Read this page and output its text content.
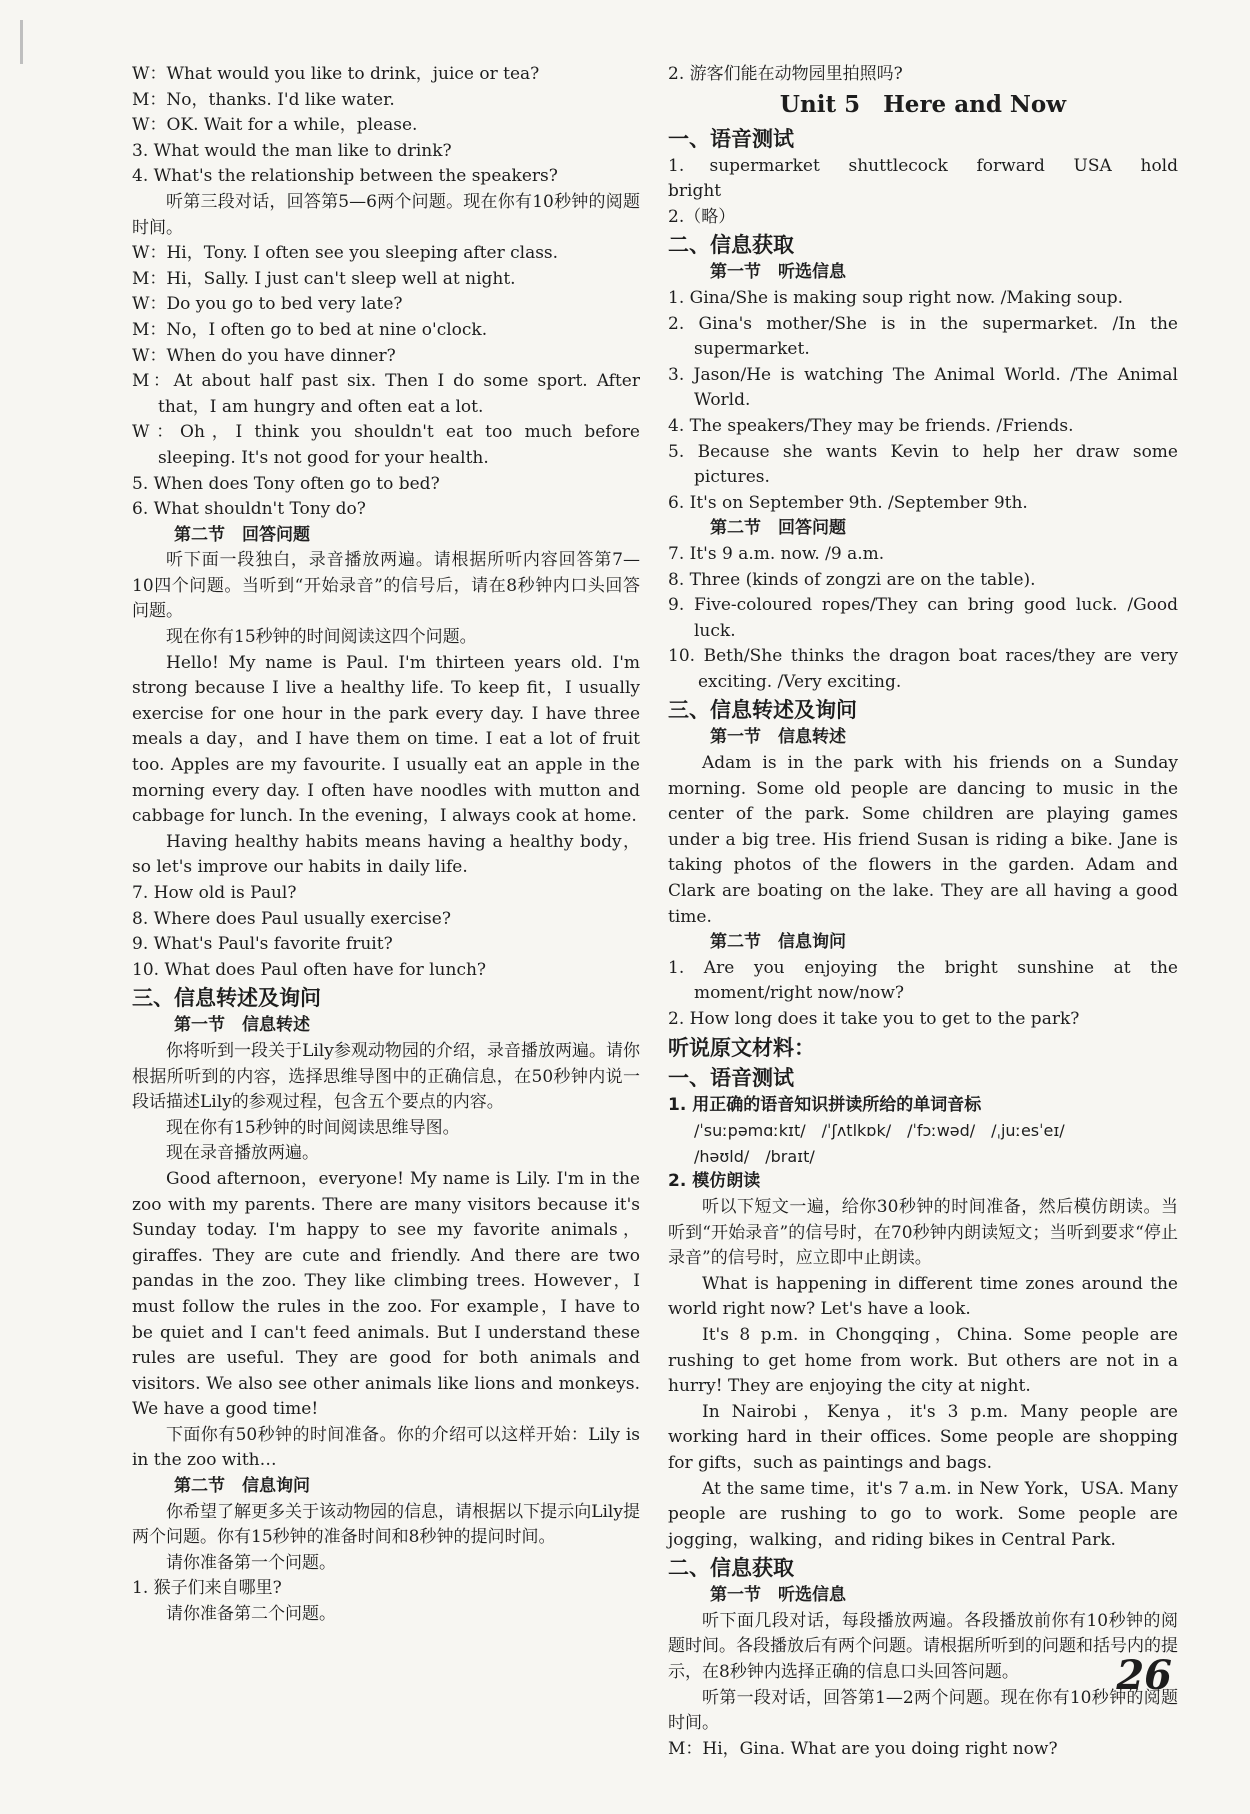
W：What would you like to drink，juice or tea?

M：No，thanks. I'd like water.

W：OK. Wait for a while，please.

3. What would the man like to drink?

4. What's the relationship between the speakers?

听第三段对话，回答第5—6两个问题。现在你有10秒钟的阅题时间。

W：Hi，Tony. I often see you sleeping after class.

M：Hi，Sally. I just can't sleep well at night.

W：Do you go to bed very late?

M：No，I often go to bed at nine o'clock.

W：When do you have dinner?

M：At about half past six. Then I do some sport. After that，I am hungry and often eat a lot.

W：Oh，I think you shouldn't eat too much before sleeping. It's not good for your health.

5. When does Tony often go to bed?

6. What shouldn't Tony do?

第二节　回答问题

听下面一段独白，录音播放两遍。请根据所听内容回答第7—10四个问题。当听到“开始录音”的信号后，请在8秒钟内口头回答问题。

现在你有15秒钟的时间阅读这四个问题。

Hello! My name is Paul. I'm thirteen years old. I'm strong because I live a healthy life. To keep fit，I usually exercise for one hour in the park every day. I have three meals a day，and I have them on time. I eat a lot of fruit too. Apples are my favourite. I usually eat an apple in the morning every day. I often have noodles with mutton and cabbage for lunch. In the evening，I always cook at home.

Having healthy habits means having a healthy body，so let's improve our habits in daily life.

7. How old is Paul?

8. Where does Paul usually exercise?

9. What's Paul's favorite fruit?

10. What does Paul often have for lunch?

三、信息转述及询问

第一节　信息转述

你将听到一段关于Lily参观动物园的介绍，录音播放两遍。请你根据所听到的内容，选择思维导图中的正确信息，在50秒钟内说一段话描述Lily的参观过程，包含五个要点的内容。

现在你有15秒钟的时间阅读思维导图。

现在录音播放两遍。

Good afternoon，everyone! My name is Lily. I'm in the zoo with my parents. There are many visitors because it's Sunday today. I'm happy to see my favorite animals，giraffes. They are cute and friendly. And there are two pandas in the zoo. They like climbing trees. However，I must follow the rules in the zoo. For example，I have to be quiet and I can't feed animals. But I understand these rules are useful. They are good for both animals and visitors. We also see other animals like lions and monkeys. We have a good time!

下面你有50秒钟的时间准备。你的介绍可以这样开始：Lily is in the zoo with…

第二节　信息询问

你希望了解更多关于该动物园的信息，请根据以下提示向Lily提两个问题。你有15秒钟的准备时间和8秒钟的提问时间。

请你准备第一个问题。

1. 猴子们来自哪里?

请你准备第二个问题。

2. 游客们能在动物园里拍照吗?

Unit 5　Here and Now

一、语音测试

1. supermarket　shuttlecock　forward　USA　hold　bright

2.（略）

二、信息获取

第一节　听选信息

1. Gina/She is making soup right now. /Making soup.

2. Gina's mother/She is in the supermarket. /In the supermarket.

3. Jason/He is watching The Animal World. /The Animal World.

4. The speakers/They may be friends. /Friends.

5. Because she wants Kevin to help her draw some pictures.

6. It's on September 9th. /September 9th.

第二节　回答问题

7. It's 9 a.m. now. /9 a.m.

8. Three (kinds of zongzi are on the table).

9. Five-coloured ropes/They can bring good luck. /Good luck.

10. Beth/She thinks the dragon boat races/they are very exciting. /Very exciting.

三、信息转述及询问

第一节　信息转述

Adam is in the park with his friends on a Sunday morning. Some old people are dancing to music in the center of the park. Some children are playing games under a big tree. His friend Susan is riding a bike. Jane is taking photos of the flowers in the garden. Adam and Clark are boating on the lake. They are all having a good time.

第二节　信息询问

1. Are you enjoying the bright sunshine at the moment/right now/now?

2. How long does it take you to get to the park?

听说原文材料：

一、语音测试

1. 用正确的语音知识拼读所给的单词音标

/ˈsuːpəmɑːkɪt/　/ˈʃʌtlkɒk/　/ˈfɔːwəd/　/ˌjuːesˈeɪ/

/həʊld/　/braɪt/

2. 模仿朗读

听以下短文一遍，给你30秒钟的时间准备，然后模仿朗读。当听到“开始录音”的信号时，在70秒钟内朗读短文；当听到要求“停止录音”的信号时，应立即中止朗读。

What is happening in different time zones around the world right now? Let's have a look.

It's 8 p.m. in Chongqing，China. Some people are rushing to get home from work. But others are not in a hurry! They are enjoying the city at night.

In Nairobi，Kenya，it's 3 p.m. Many people are working hard in their offices. Some people are shopping for gifts，such as paintings and bags.

At the same time，it's 7 a.m. in New York，USA. Many people are rushing to go to work. Some people are jogging，walking，and riding bikes in Central Park.

二、信息获取

第一节　听选信息

听下面几段对话，每段播放两遍。各段播放前你有10秒钟的阅题时间。各段播放后有两个问题。请根据所听到的问题和括号内的提示，在8秒钟内选择正确的信息口头回答问题。

听第一段对话，回答第1—2两个问题。现在你有10秒钟的阅题时间。

M：Hi，Gina. What are you doing right now?

26
